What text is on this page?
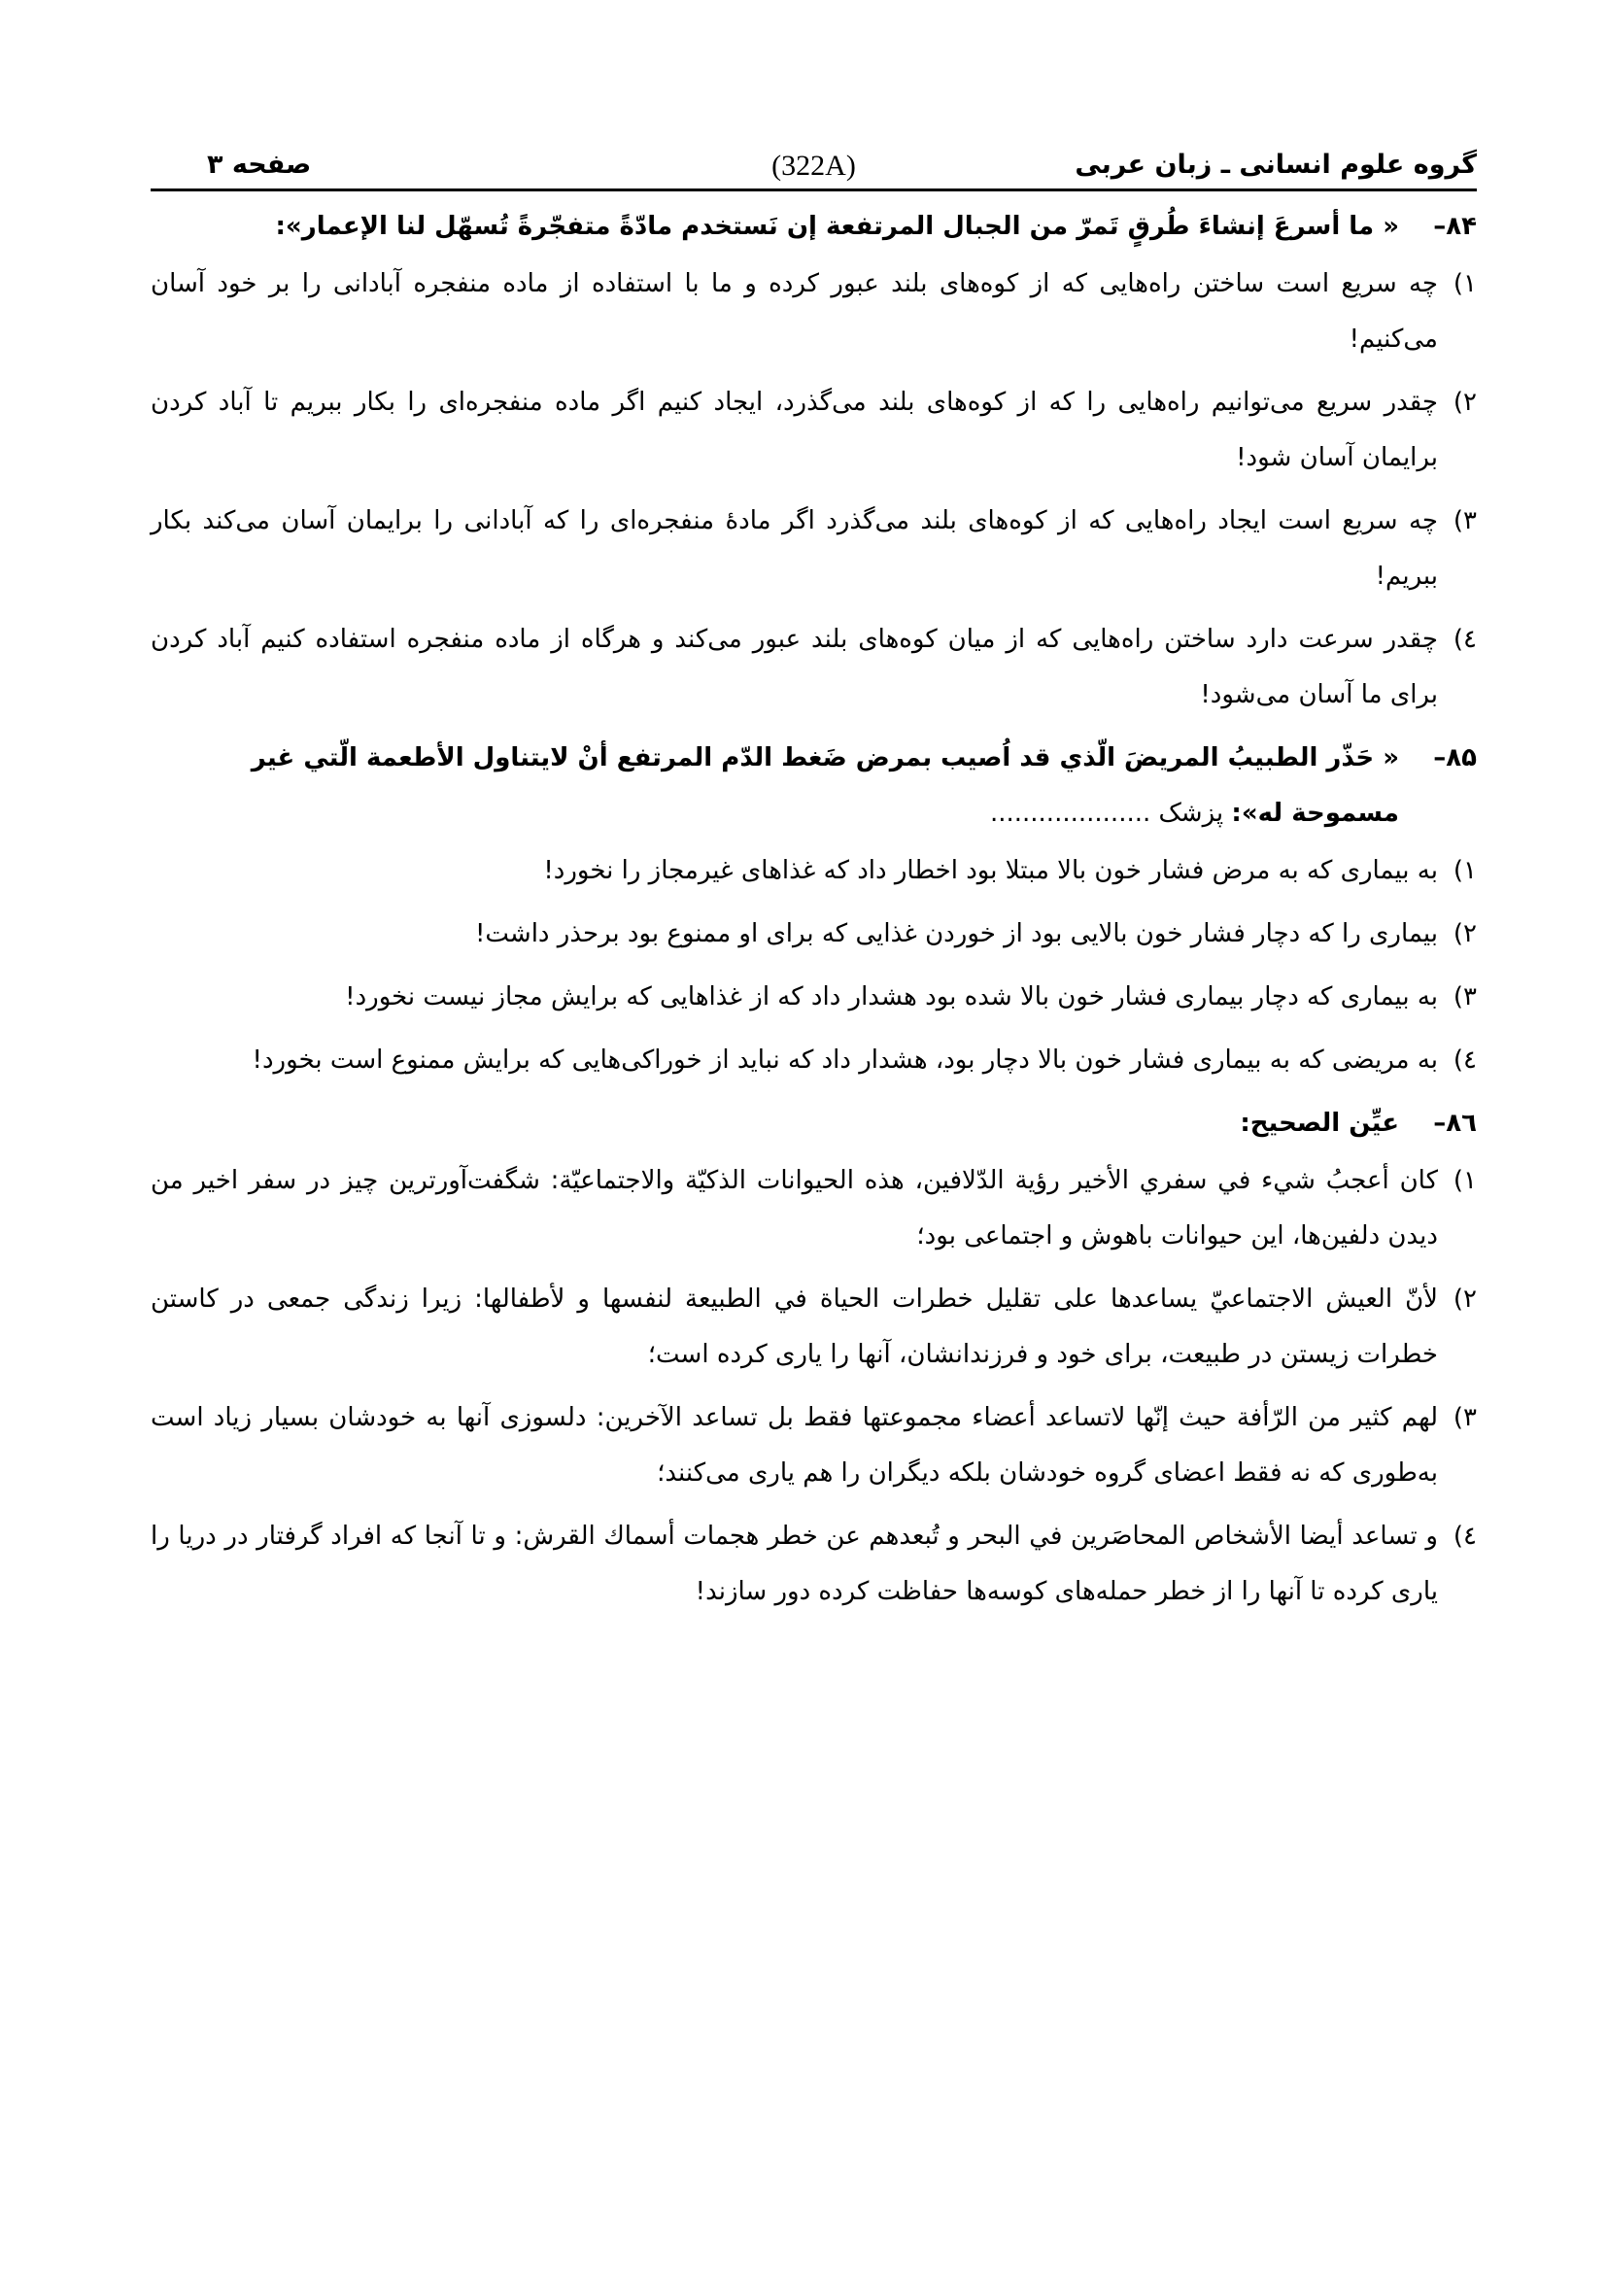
گروه علوم انسانی ـ زبان عربی
(322A)
صفحه ۳
۸۴–
« ما أسرعَ إنشاءَ طُرقٍ تَمرّ من الجبال المرتفعة إن نَستخدم مادّةً متفجّرةً تُسهّل لنا الإعمار»:
۱)
چه سریع است ساختن راه‌هایی که از کوه‌های بلند عبور کرده و ما با استفاده از ماده منفجره آبادانی را بر خود آسان می‌کنیم!
۲)
چقدر سریع می‌توانیم راه‌هایی را که از کوه‌های بلند می‌گذرد، ایجاد کنیم اگر ماده منفجره‌ای را بکار ببریم تا آباد کردن برایمان آسان شود!
۳)
چه سریع است ایجاد راه‌هایی که از کوه‌های بلند می‌گذرد اگر مادهٔ منفجره‌ای را که آبادانی را برایمان آسان می‌کند بکار ببریم!
٤)
چقدر سرعت دارد ساختن راه‌هایی که از میان کوه‌های بلند عبور می‌کند و هرگاه از ماده منفجره استفاده کنیم آباد کردن برای ما آسان می‌شود!
۸۵–
« حَذّر الطبیبُ المریضَ الّذي قد اُصیب بمرض ضَغط الدّم المرتفع أنْ لایتناول الأطعمة الّتي غیر مسموحة له»: پزشک ....................
۱)
به بیماری که به مرض فشار خون بالا مبتلا بود اخطار داد که غذاهای غیرمجاز را نخورد!
۲)
بیماری را که دچار فشار خون بالایی بود از خوردن غذایی که برای او ممنوع بود برحذر داشت!
۳)
به بیماری که دچار بیماری فشار خون بالا شده بود هشدار داد که از غذاهایی که برایش مجاز نیست نخورد!
٤)
به مریضی که به بیماری فشار خون بالا دچار بود، هشدار داد که نباید از خوراکی‌هایی که برایش ممنوع است بخورد!
۸٦–
عیِّن الصحیح:
۱)
کان أعجبُ شيء في سفري الأخیر رؤیة الدّلافین، هذه الحیوانات الذکیّة والاجتماعیّة: شگفت‌آورترین چیز در سفر اخیر من دیدن دلفین‌ها، این حیوانات باهوش و اجتماعی بود؛
۲)
لأنّ العیش الاجتماعيّ یساعدها علی تقلیل خطرات الحیاة في الطبیعة لنفسها و لأطفالها: زیرا زندگی جمعی در کاستن خطرات زیستن در طبیعت، برای خود و فرزندانشان، آنها را یاری کرده است؛
۳)
لهم کثیر من الرّأفة حیث إنّها لاتساعد أعضاء مجموعتها فقط بل تساعد الآخرین: دلسوزی آنها به خودشان بسیار زیاد است به‌طوری که نه فقط اعضای گروه خودشان بلکه دیگران را هم یاری می‌کنند؛
٤)
و تساعد أیضا الأشخاص المحاصَرین في البحر و تُبعدهم عن خطر هجمات أسماك القرش: و تا آنجا که افراد گرفتار در دریا را یاری کرده تا آنها را از خطر حمله‌های کوسه‌ها حفاظت کرده دور سازند!
